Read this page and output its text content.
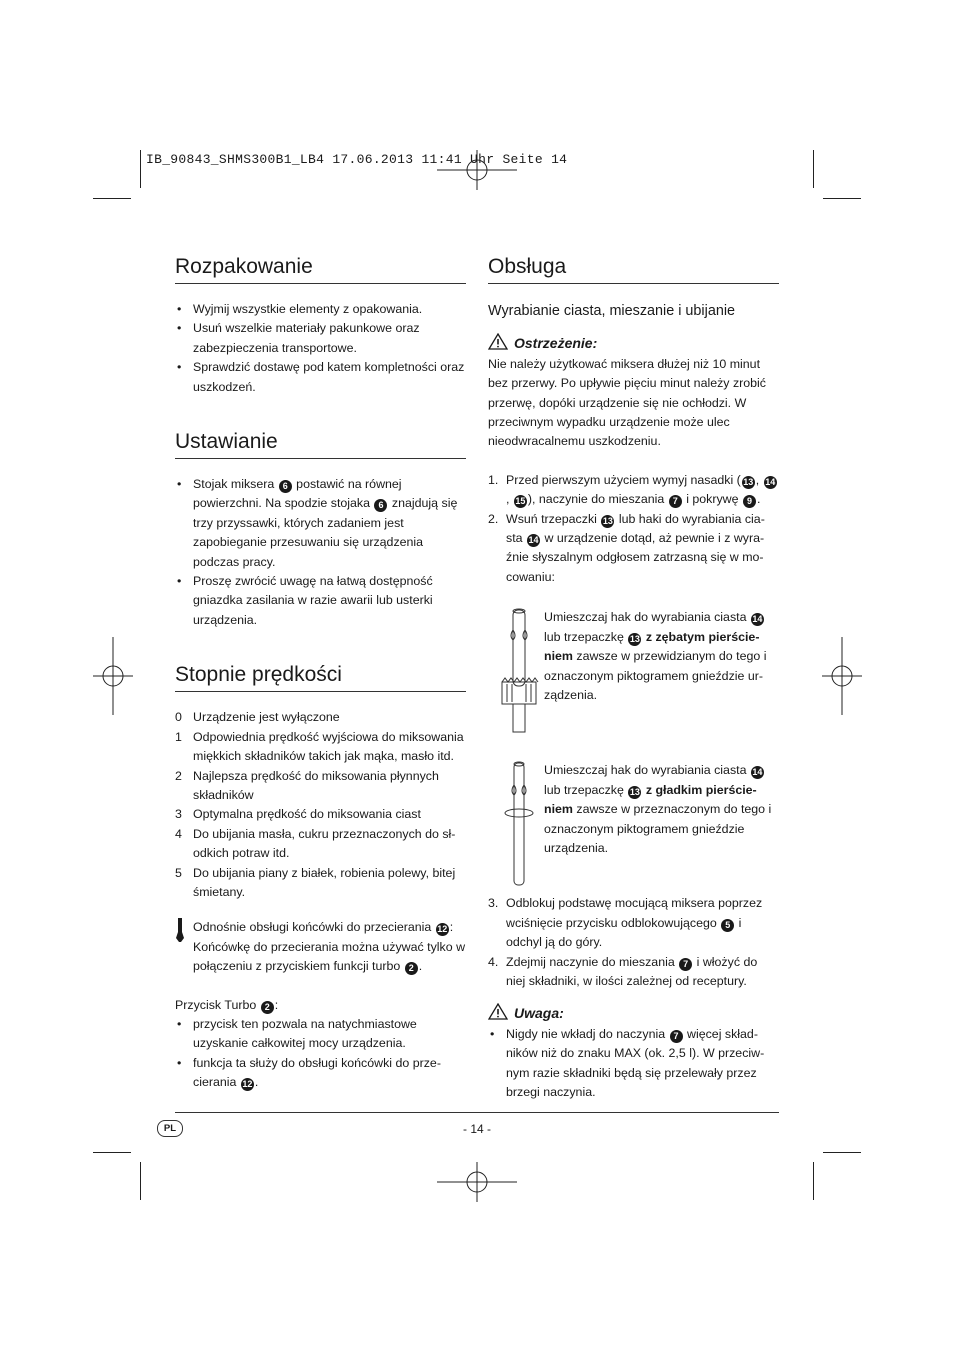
IB_90843_SHMS300B1_LB4 17.06.2013 11:41 Uhr Seite 14
Rozpakowanie
• Wyjmij wszystkie elementy z opakowania.
• Usuń wszelkie materiały pakunkowe oraz zabezpieczenia transportowe.
• Sprawdzić dostawę pod katem kompletności oraz uszkodzeń.
Ustawianie
• Stojak miksera 6 postawić na równej powierzchni. Na spodzie stojaka 6 znajdują się trzy przyssawki, których zadaniem jest zapobieganie przesuwaniu się urządzenia podczas pracy.
• Proszę zwrócić uwagę na łatwą dostępność gniazdka zasilania w razie awarii lub usterki urządzenia.
Stopnie prędkości
0 Urządzenie jest wyłączone
1 Odpowiednia prędkość wyjściowa do miksowania miękkich składników takich jak mąka, masło itd.
2 Najlepsza prędkość do miksowania płynnych składników
3 Optymalna prędkość do miksowania ciast
4 Do ubijania masła, cukru przeznaczonych do sł-odkich potraw itd.
5 Do ubijania piany z białek, robienia polewy, bitej śmietany.
Odnośnie obsługi końcówki do przecierania 12 : Końcówkę do przecierania można używać tylko w połączeniu z przyciskiem funkcji turbo 2 .
Przycisk Turbo 2 :
• przycisk ten pozwala na natychmiastowe uzyskanie całkowitej mocy urządzenia.
• funkcja ta służy do obsługi końcówki do prze-cierania 12 .
Obsługa
Wyrabianie ciasta, mieszanie i ubijanie
Ostrzeżenie:
Nie należy użytkować miksera dłużej niż 10 minut bez przerwy. Po upływie pięciu minut należy zrobić przerwę, dopóki urządzenie się nie ochłodzi. W przeciwnym wypadku urządzenie może ulec nieodwracalnemu uszkodzeniu.
1. Przed pierwszym użyciem wymyj nasadki ( 13 , 14, 15 ), naczynie do mieszania 7 i pokrywę 9 .
2. Wsuń trzepaczki 13 lub haki do wyrabiania cia-sta 14 w urządzenie dotąd, aż pewnie i z wyra-źnie słyszalnym odgłosem zatrzasną się w mo-cowaniu:
Umieszczaj hak do wyrabiania ciasta 14 lub trzepaczkę 13 z zębatym pierście-niem zawsze w przewidzianym do tego i oznaczonym piktogramem gnieździe ur-ządzenia.
Umieszczaj hak do wyrabiania ciasta 14 lub trzepaczkę 13 z gładkim pierście-niem zawsze w przeznaczonym do tego i oznaczonym piktogramem gnieździe urządzenia.
3. Odblokuj podstawę mocującą miksera poprzez wciśnięcie przycisku odblokowującego 5 i odchyl ją do góry.
4. Zdejmij naczynie do mieszania 7 i włożyć do niej składniki, w ilości zależnej od receptury.
Uwaga:
• Nigdy nie wkładj do naczynia 7 więcej skład-ników niż do znaku MAX (ok. 2,5 l). W przeciw-nym razie składniki będą się przelewały przez brzegi naczynia.
PL	- 14 -
